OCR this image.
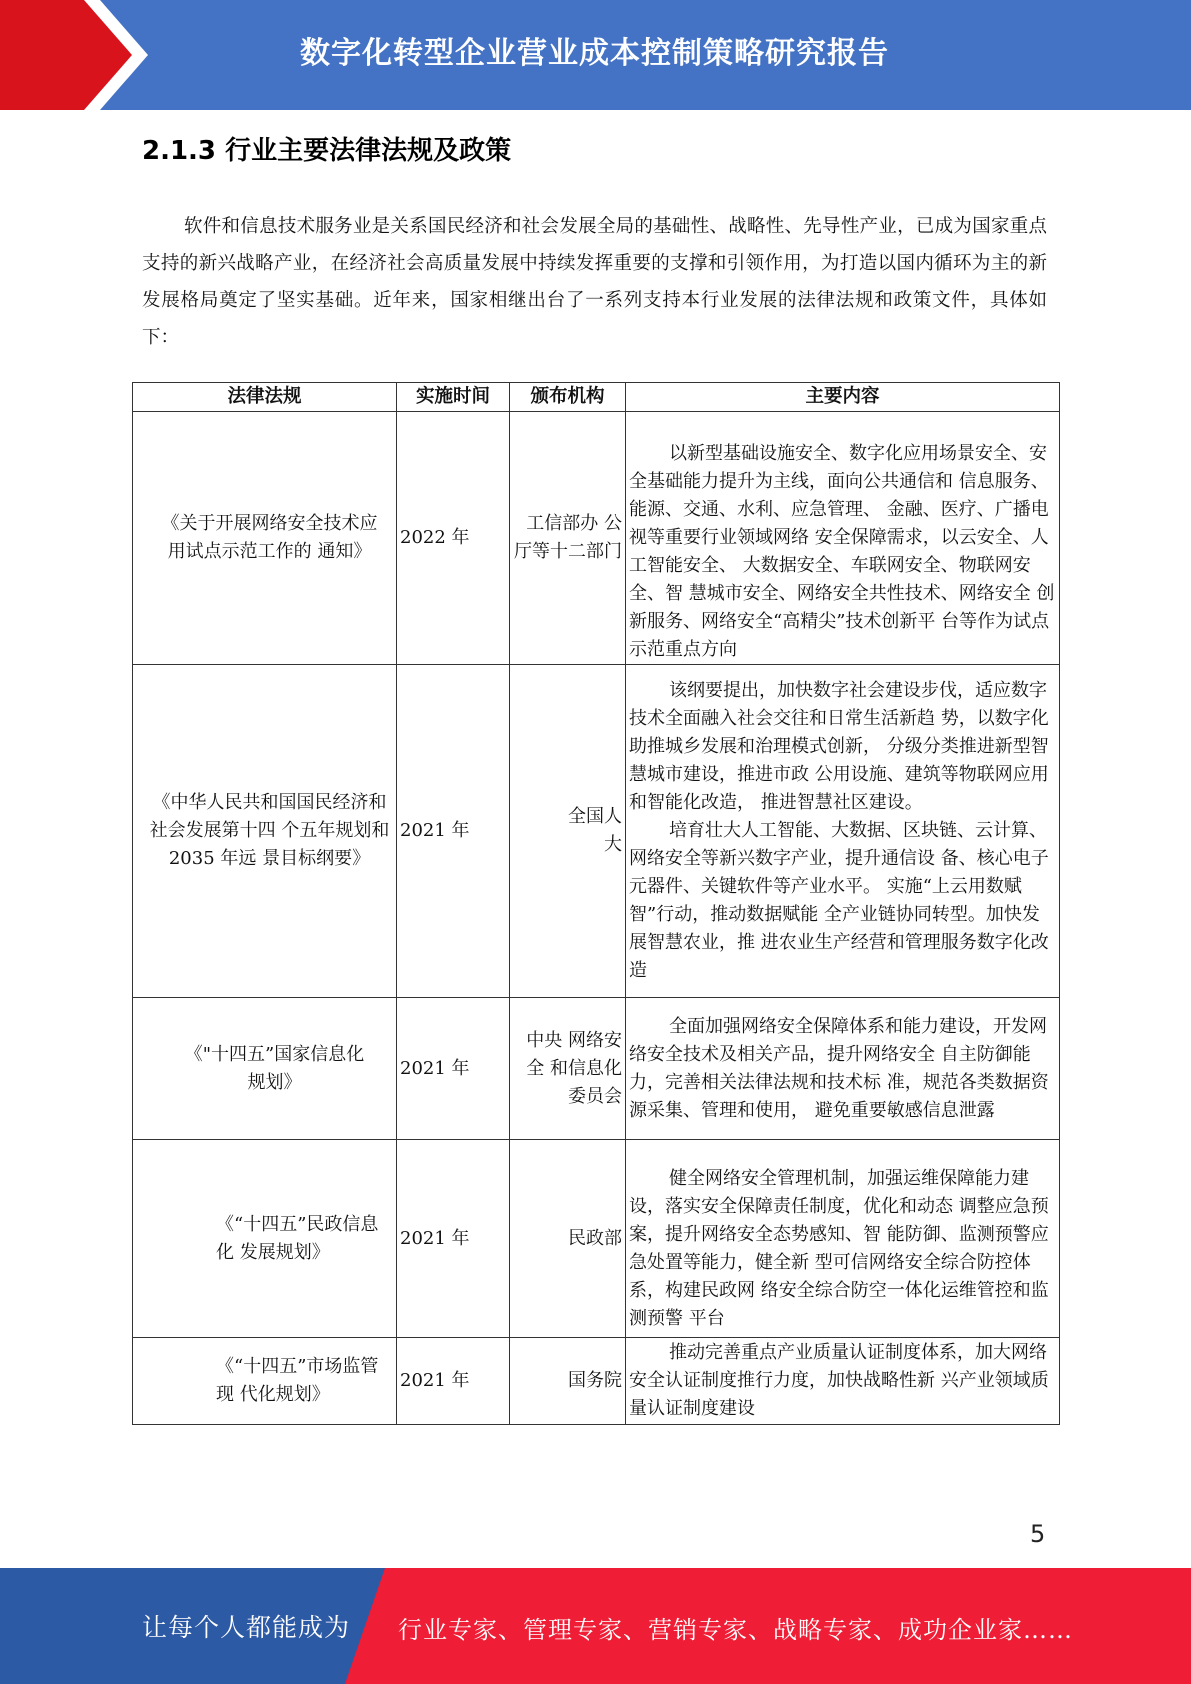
数字化转型企业营业成本控制策略研究报告
2.1.3 行业主要法律法规及政策

软件和信息技术服务业是关系国民经济和社会发展全局的基础性、战略性、先导性产业，已成为国家重点支持的新兴战略产业，在经济社会高质量发展中持续发挥重要的支撑和引领作用，为打造以国内循环为主的新发展格局奠定了坚实基础。近年来，国家相继出台了一系列支持本行业发展的法律法规和政策文件，具体如下：

法律法规	实施时间	颁布机构	主要内容

《关于开展网络安全技术应用试点示范工作的 通知》	2022 年	工信部办 公厅等十二部门	以新型基础设施安全、数字化应用场景安全、安全基础能力提升为主线，面向公共通信和 信息服务、能源、交通、水利、应急管理、 金融、医疗、广播电视等重要行业领域网络 安全保障需求，以云安全、人工智能安全、 大数据安全、车联网安全、物联网安全、智 慧城市安全、网络安全共性技术、网络安全 创新服务、网络安全“高精尖”技术创新平 台等作为试点示范重点方向

《中华人民共和国国民经济和社会发展第十四 个五年规划和 2035 年远 景目标纲要》	2021 年	全国人大	该纲要提出，加快数字社会建设步伐，适应数字技术全面融入社会交往和日常生活新趋 势，以数字化助推城乡发展和治理模式创新， 分级分类推进新型智慧城市建设，推进市政 公用设施、建筑等物联网应用和智能化改造， 推进智慧社区建设。

培育壮大人工智能、大数据、区块链、云计算、网络安全等新兴数字产业，提升通信设 备、核心电子元器件、关键软件等产业水平。 实施“上云用数赋智”行动，推动数据赋能 全产业链协同转型。加快发展智慧农业，推 进农业生产经营和管理服务数字化改造

《"十四五”国家信息化规划》	2021 年	中央 网络安全 和信息化 委员会	全面加强网络安全保障体系和能力建设，开发网络安全技术及相关产品，提升网络安全 自主防御能力，完善相关法律法规和技术标 准，规范各类数据资源采集、管理和使用， 避免重要敏感信息泄露

《“十四五”民政信息化 发展规划》	2021 年	民政部	健全网络安全管理机制，加强运维保障能力建设，落实安全保障责任制度，优化和动态 调整应急预案，提升网络安全态势感知、智 能防御、监测预警应急处置等能力，健全新 型可信网络安全综合防控体系，构建民政网 络安全综合防空一体化运维管控和监测预警 平台

《“十四五”市场监管现 代化规划》	2021 年	国务院	推动完善重点产业质量认证制度体系，加大网络安全认证制度推行力度，加快战略性新 兴产业领域质量认证制度建设

5
让每个人都能成为 行业专家、管理专家、营销专家、战略专家、成功企业家……
